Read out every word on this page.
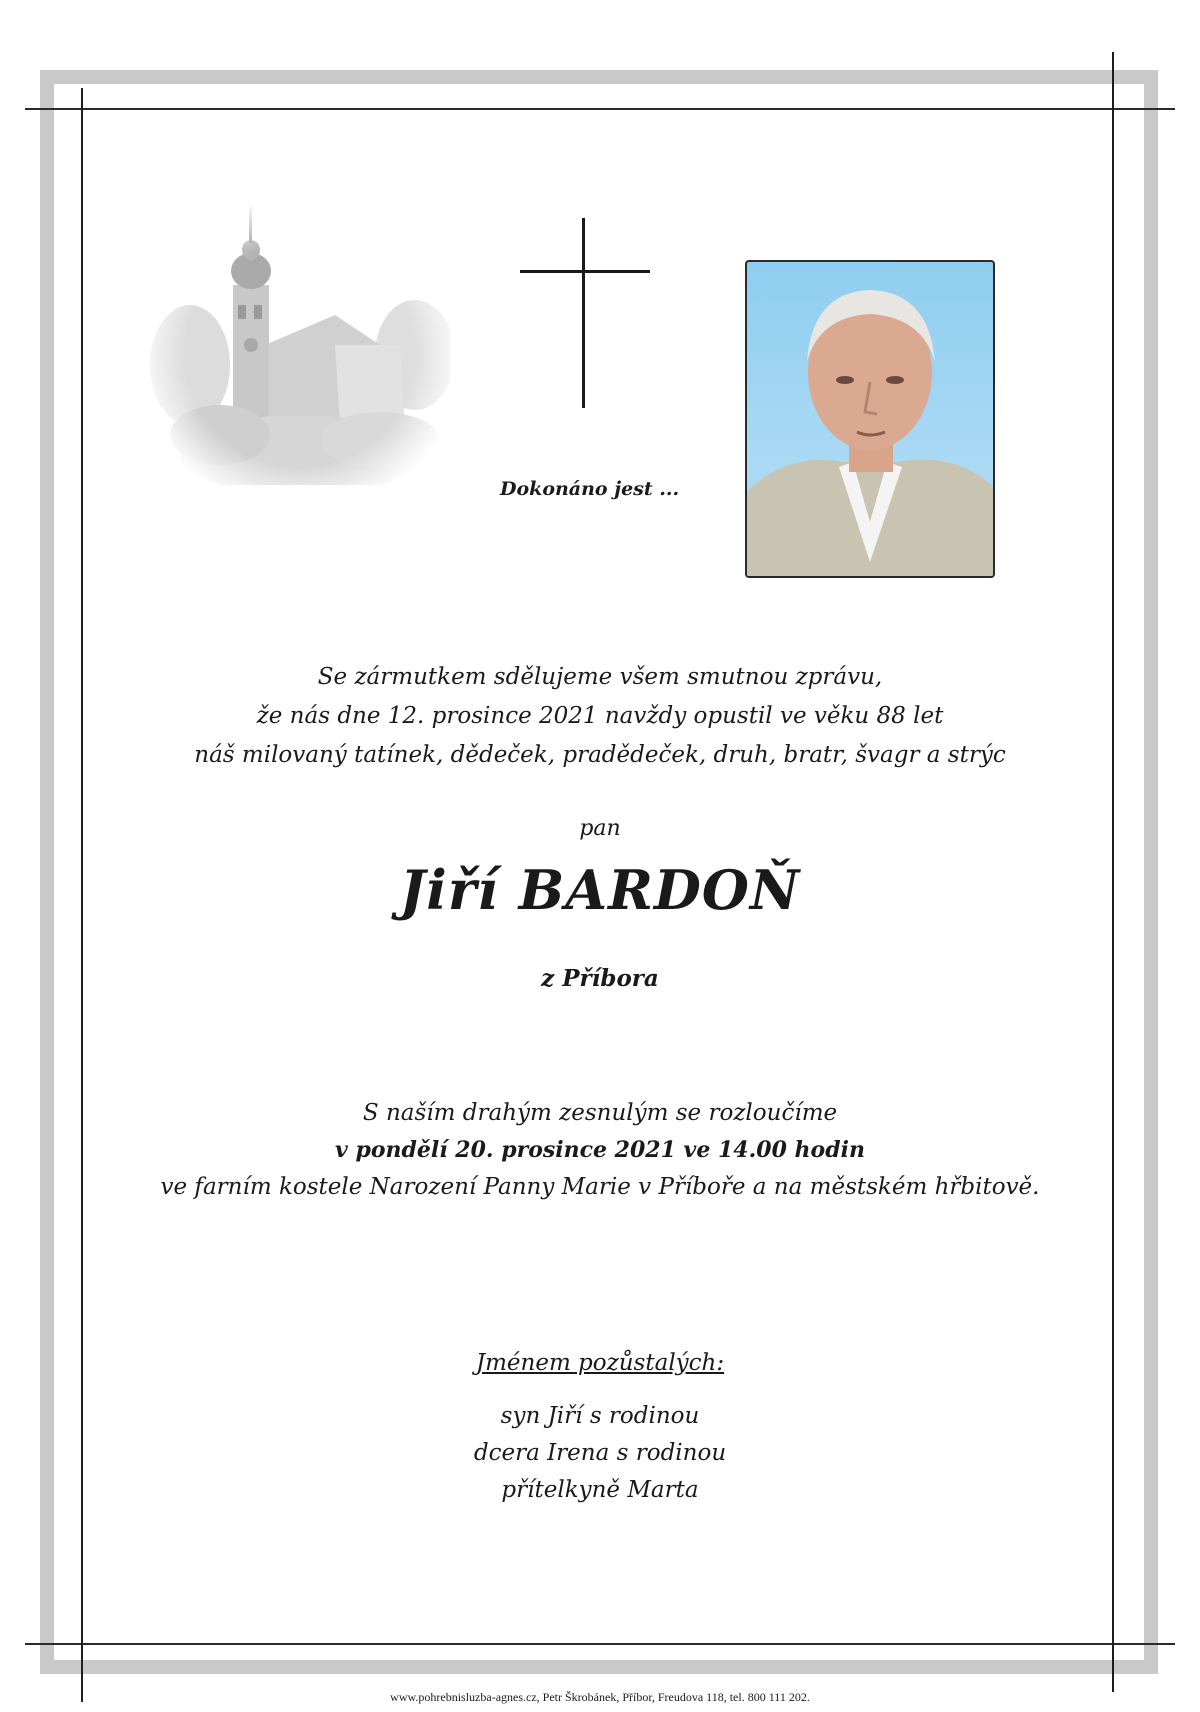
Dokonáno jest ...
Se zármutkem sdělujeme všem smutnou zprávu,
že nás dne 12. prosince 2021 navždy opustil ve věku 88 let
náš milovaný tatínek, dědeček, pradědeček, druh, bratr, švagr a strýc
pan
Jiří BARDOŇ
z Příbora
S naším drahým zesnulým se rozloučíme
v pondělí 20. prosince 2021 ve 14.00 hodin
ve farním kostele Narození Panny Marie v Příboře a na městském hřbitově.
Jménem pozůstalých:
syn Jiří s rodinou
dcera Irena s rodinou
přítelkyně Marta
www.pohrebnisluzba-agnes.cz, Petr Škrobánek, Příbor, Freudova 118, tel. 800 111 202.
